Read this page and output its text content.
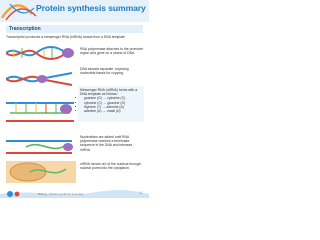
Protein synthesis summary
Transcription
Transcription produces a messenger RNA (mRNA) strand from a DNA template
RNA polymerase attaches to the promoter region and gene on a strand of DNA.
DNA strands separate, exposing nucleotide bases for copying.
Messenger RNA (mRNA) forms with a DNA template as follows:
• guanine (G) → cytosine (C)
• cytosine (C) → guanine (G)
• thymine (T) → adenine (A)
• adenine (A) → uracil (U)
Nucleotides are added until RNA polymerase reaches a terminator sequence in the DNA and releases mRNA.
mRNA moves out of the nucleus through nuclear pores into the cytoplasm.
Biology • Protein synthesis summary	1
